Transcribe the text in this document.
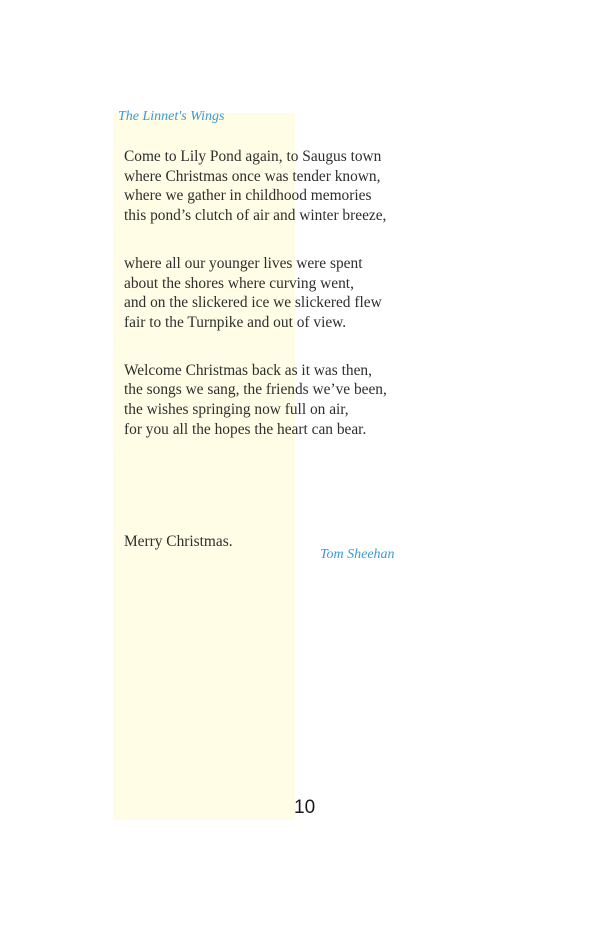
The Linnet's Wings
Come to Lily Pond again, to Saugus town
where Christmas once was tender known,
where we gather in childhood memories
this pond’s clutch of air and winter breeze,
where all our younger lives were spent
about the shores where curving went,
and on the slickered ice we slickered flew
fair to the Turnpike and out of view.
Welcome Christmas back as it was then,
the songs we sang, the friends we’ve been,
the wishes springing now full on air,
for you all the hopes the heart can bear.
Merry Christmas.
Tom Sheehan
10
